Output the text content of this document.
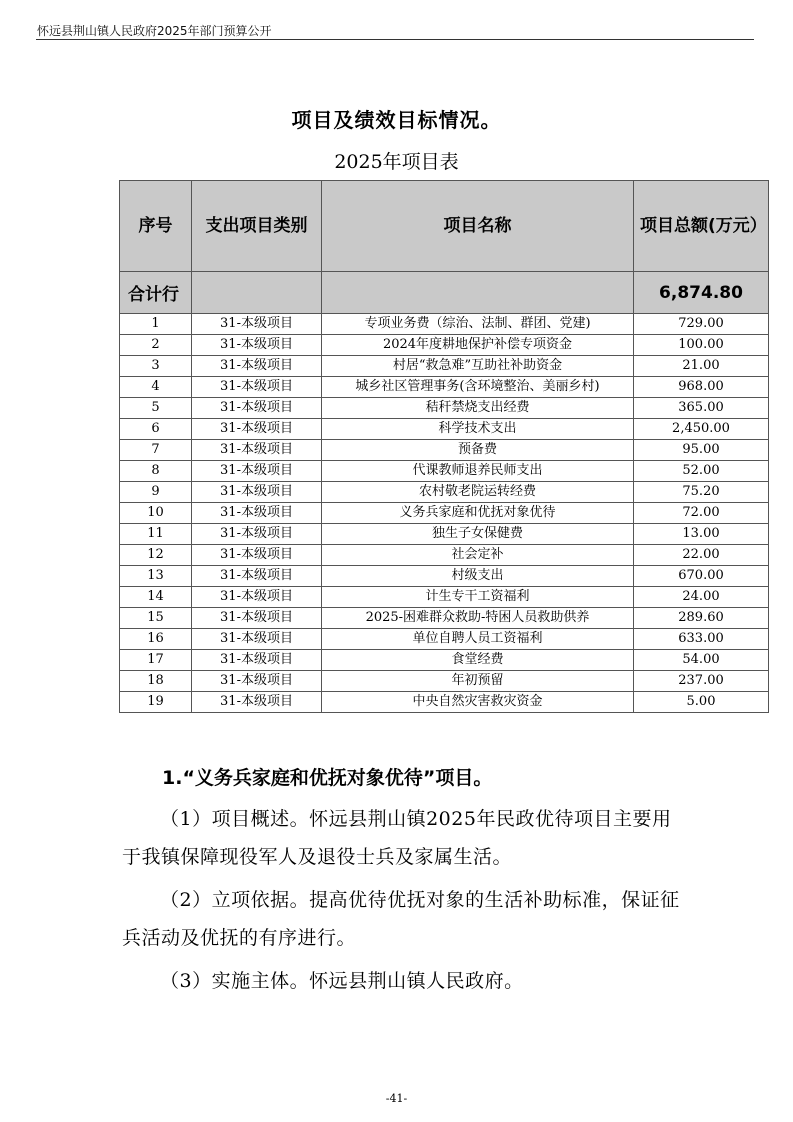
怀远县荆山镇人民政府2025年部门预算公开
项目及绩效目标情况。
2025年项目表
序号	支出项目类别	项目名称	项目总额(万元）
合计行			6,874.80
1	31-本级项目	专项业务费（综治、法制、群团、党建)	729.00
2	31-本级项目	2024年度耕地保护补偿专项资金	100.00
3	31-本级项目	村居“救急难”互助社补助资金	21.00
4	31-本级项目	城乡社区管理事务(含环境整治、美丽乡村)	968.00
5	31-本级项目	秸秆禁烧支出经费	365.00
6	31-本级项目	科学技术支出	2,450.00
7	31-本级项目	预备费	95.00
8	31-本级项目	代课教师退养民师支出	52.00
9	31-本级项目	农村敬老院运转经费	75.20
10	31-本级项目	义务兵家庭和优抚对象优待	72.00
11	31-本级项目	独生子女保健费	13.00
12	31-本级项目	社会定补	22.00
13	31-本级项目	村级支出	670.00
14	31-本级项目	计生专干工资福利	24.00
15	31-本级项目	2025-困难群众救助-特困人员救助供养	289.60
16	31-本级项目	单位自聘人员工资福利	633.00
17	31-本级项目	食堂经费	54.00
18	31-本级项目	年初预留	237.00
19	31-本级项目	中央自然灾害救灾资金	5.00
1.“义务兵家庭和优抚对象优待”项目。
（1）项目概述。怀远县荆山镇2025年民政优待项目主要用于我镇保障现役军人及退役士兵及家属生活。
（2）立项依据。提高优待优抚对象的生活补助标准，保证征兵活动及优抚的有序进行。
（3）实施主体。怀远县荆山镇人民政府。
-41-
